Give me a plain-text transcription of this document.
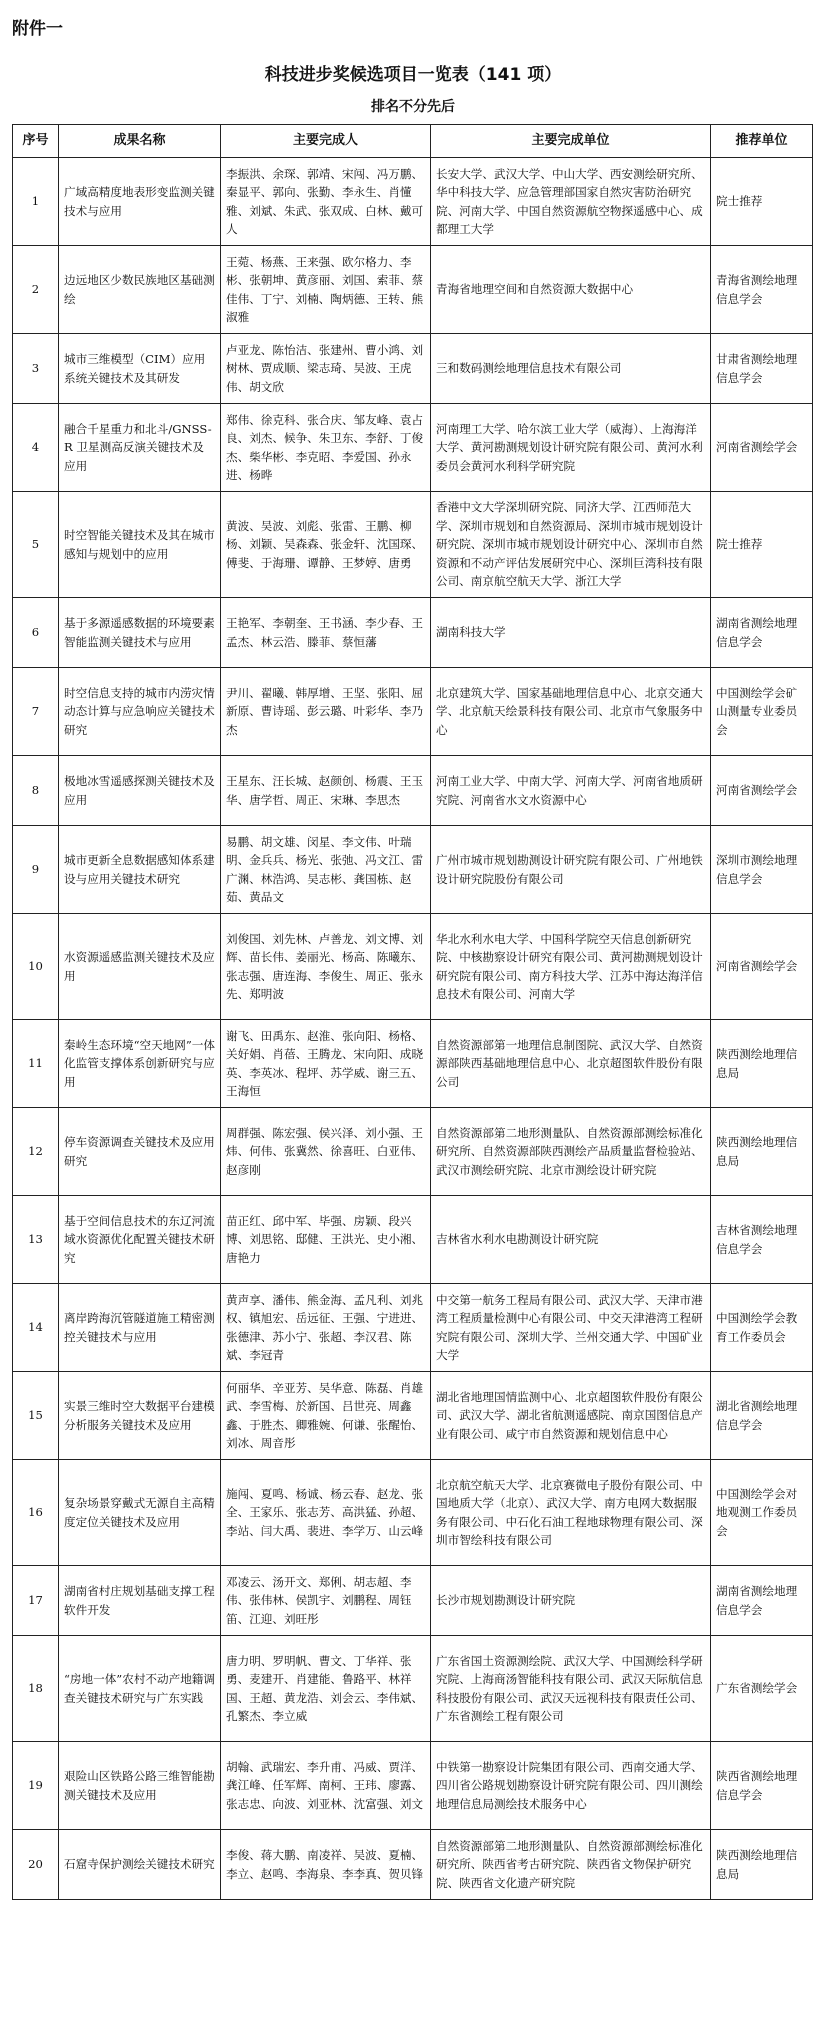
附件一
科技进步奖候选项目一览表（141 项）
排名不分先后
序号	成果名称	主要完成人	主要完成单位	推荐单位
1	广域高精度地表形变监测关键技术与应用	李振洪、余琛、郭靖、宋闯、冯万鹏、秦显平、郭向、张勤、李永生、肖懂雅、刘斌、朱武、张双成、白林、戴可人	长安大学、武汉大学、中山大学、西安测绘研究所、华中科技大学、应急管理部国家自然灾害防治研究院、河南大学、中国自然资源航空物探遥感中心、成都理工大学	院士推荐
2	边远地区少数民族地区基础测绘	王菀、杨燕、王来强、欧尔格力、李彬、张朝坤、黄彦丽、刘国、索菲、蔡佳伟、丁宁、刘楠、陶炳德、王转、熊淑雅	青海省地理空间和自然资源大数据中心	青海省测绘地理信息学会
3	城市三维模型（CIM）应用系统关键技术及其研发	卢亚龙、陈怡洁、张建州、曹小鸿、刘树林、贾成顺、梁志琦、吴波、王虎伟、胡文欣	三和数码测绘地理信息技术有限公司	甘肃省测绘地理信息学会
4	融合千星重力和北斗/GNSS-R 卫星测高反演关键技术及应用	郑伟、徐克科、张合庆、邹友峰、袁占良、刘杰、候争、朱卫东、李舒、丁俊杰、柴华彬、李克昭、李爱国、孙永进、杨晔	河南理工大学、哈尔滨工业大学（威海）、上海海洋大学、黄河勘测规划设计研究院有限公司、黄河水利委员会黄河水利科学研究院	河南省测绘学会
5	时空智能关键技术及其在城市感知与规划中的应用	黄波、吴波、刘彪、张雷、王鹏、柳杨、刘颖、吴森森、张金轩、沈国琛、傅斐、于海珊、谭静、王梦婷、唐勇	香港中文大学深圳研究院、同济大学、江西师范大学、深圳市规划和自然资源局、深圳市城市规划设计研究院、深圳市城市规划设计研究中心、深圳市自然资源和不动产评估发展研究中心、深圳巨湾科技有限公司、南京航空航天大学、浙江大学	院士推荐
6	基于多源遥感数据的环境要素智能监测关键技术与应用	王艳军、李朝奎、王书涵、李少春、王孟杰、林云浩、滕菲、蔡恒藩	湖南科技大学	湖南省测绘地理信息学会
7	时空信息支持的城市内涝灾情动态计算与应急响应关键技术研究	尹川、翟曦、韩厚增、王坚、张阳、屈新原、曹诗瑶、彭云璐、叶彩华、李乃杰	北京建筑大学、国家基础地理信息中心、北京交通大学、北京航天绘景科技有限公司、北京市气象服务中心	中国测绘学会矿山测量专业委员会
8	极地冰雪遥感探测关键技术及应用	王星东、汪长城、赵颜创、杨震、王玉华、唐学哲、周正、宋琳、李思杰	河南工业大学、中南大学、河南大学、河南省地质研究院、河南省水文水资源中心	河南省测绘学会
9	城市更新全息数据感知体系建设与应用关键技术研究	易鹏、胡文雄、闵星、李文伟、叶瑞明、金兵兵、杨光、张弛、冯文江、雷广渊、林浩鸿、吴志彬、龚国栋、赵茹、黄品文	广州市城市规划勘测设计研究院有限公司、广州地铁设计研究院股份有限公司	深圳市测绘地理信息学会
10	水资源遥感监测关键技术及应用	刘俊国、刘先林、卢善龙、刘文博、刘辉、苗长伟、姜丽光、杨高、陈曦东、张志强、唐连海、李俊生、周正、张永先、郑明波	华北水利水电大学、中国科学院空天信息创新研究院、中核勘察设计研究有限公司、黄河勘测规划设计研究院有限公司、南方科技大学、江苏中海达海洋信息技术有限公司、河南大学	河南省测绘学会
11	秦岭生态环境“空天地网”一体化监管支撑体系创新研究与应用	谢飞、田禹东、赵淮、张向阳、杨格、关好娟、肖蓓、王腾龙、宋向阳、成晓英、李英冰、程坪、苏学威、谢三五、王海恒	自然资源部第一地理信息制图院、武汉大学、自然资源部陕西基础地理信息中心、北京超图软件股份有限公司	陕西测绘地理信息局
12	停车资源调查关键技术及应用研究	周群强、陈宏强、侯兴泽、刘小强、王炜、何伟、张冀然、徐喜旺、白亚伟、赵彦刚	自然资源部第二地形测量队、自然资源部测绘标准化研究所、自然资源部陕西测绘产品质量监督检验站、武汉市测绘研究院、北京市测绘设计研究院	陕西测绘地理信息局
13	基于空间信息技术的东辽河流域水资源优化配置关键技术研究	苗正红、邱中军、毕强、房颖、段兴博、刘思铭、邸健、王洪光、史小湘、唐艳力	吉林省水利水电勘测设计研究院	吉林省测绘地理信息学会
14	离岸跨海沉管隧道施工精密测控关键技术与应用	黄声享、潘伟、熊金海、孟凡利、刘兆权、镇旭宏、岳远征、王强、宁进进、张德津、苏小宁、张超、李汉君、陈斌、李冠青	中交第一航务工程局有限公司、武汉大学、天津市港湾工程质量检测中心有限公司、中交天津港湾工程研究院有限公司、深圳大学、兰州交通大学、中国矿业大学	中国测绘学会教育工作委员会
15	实景三维时空大数据平台建模分析服务关键技术及应用	何丽华、辛亚芳、吴华意、陈磊、肖雄武、李雪梅、於新国、吕世亮、周鑫鑫、于胜杰、卿雅婉、何谦、张醒怡、刘冰、周音彤	湖北省地理国情监测中心、北京超图软件股份有限公司、武汉大学、湖北省航测遥感院、南京国图信息产业有限公司、咸宁市自然资源和规划信息中心	湖北省测绘地理信息学会
16	复杂场景穿戴式无源自主高精度定位关键技术及应用	施闯、夏鸣、杨诚、杨云春、赵龙、张全、王家乐、张志芳、高洪猛、孙超、李站、闫大禹、裴进、李学万、山云峰	北京航空航天大学、北京赛微电子股份有限公司、中国地质大学（北京）、武汉大学、南方电网大数据服务有限公司、中石化石油工程地球物理有限公司、深圳市智绘科技有限公司	中国测绘学会对地观测工作委员会
17	湖南省村庄规划基础支撑工程软件开发	邓凌云、汤开文、郑俐、胡志超、李伟、张伟林、侯凯宇、刘鹏程、周钰笛、江迎、刘旺彤	长沙市规划勘测设计研究院	湖南省测绘地理信息学会
18	“房地一体”农村不动产地籍调查关键技术研究与广东实践	唐力明、罗明帆、曹文、丁华祥、张勇、麦建开、肖建能、鲁路平、林祥国、王超、黄龙浩、刘会云、李伟斌、孔繁杰、李立威	广东省国土资源测绘院、武汉大学、中国测绘科学研究院、上海商汤智能科技有限公司、武汉天际航信息科技股份有限公司、武汉天远视科技有限责任公司、广东省测绘工程有限公司	广东省测绘学会
19	艰险山区铁路公路三维智能勘测关键技术及应用	胡翰、武瑞宏、李升甫、冯威、贾洋、龚江峰、任军辉、南柯、王玮、廖露、张志忠、向波、刘亚林、沈富强、刘文	中铁第一勘察设计院集团有限公司、西南交通大学、四川省公路规划勘察设计研究院有限公司、四川测绘地理信息局测绘技术服务中心	陕西省测绘地理信息学会
20	石窟寺保护测绘关键技术研究	李俊、蒋大鹏、南凌祥、吴波、夏楠、李立、赵鸣、李海泉、李李真、贺贝锋	自然资源部第二地形测量队、自然资源部测绘标准化研究所、陕西省考古研究院、陕西省文物保护研究院、陕西省文化遗产研究院	陕西测绘地理信息局
